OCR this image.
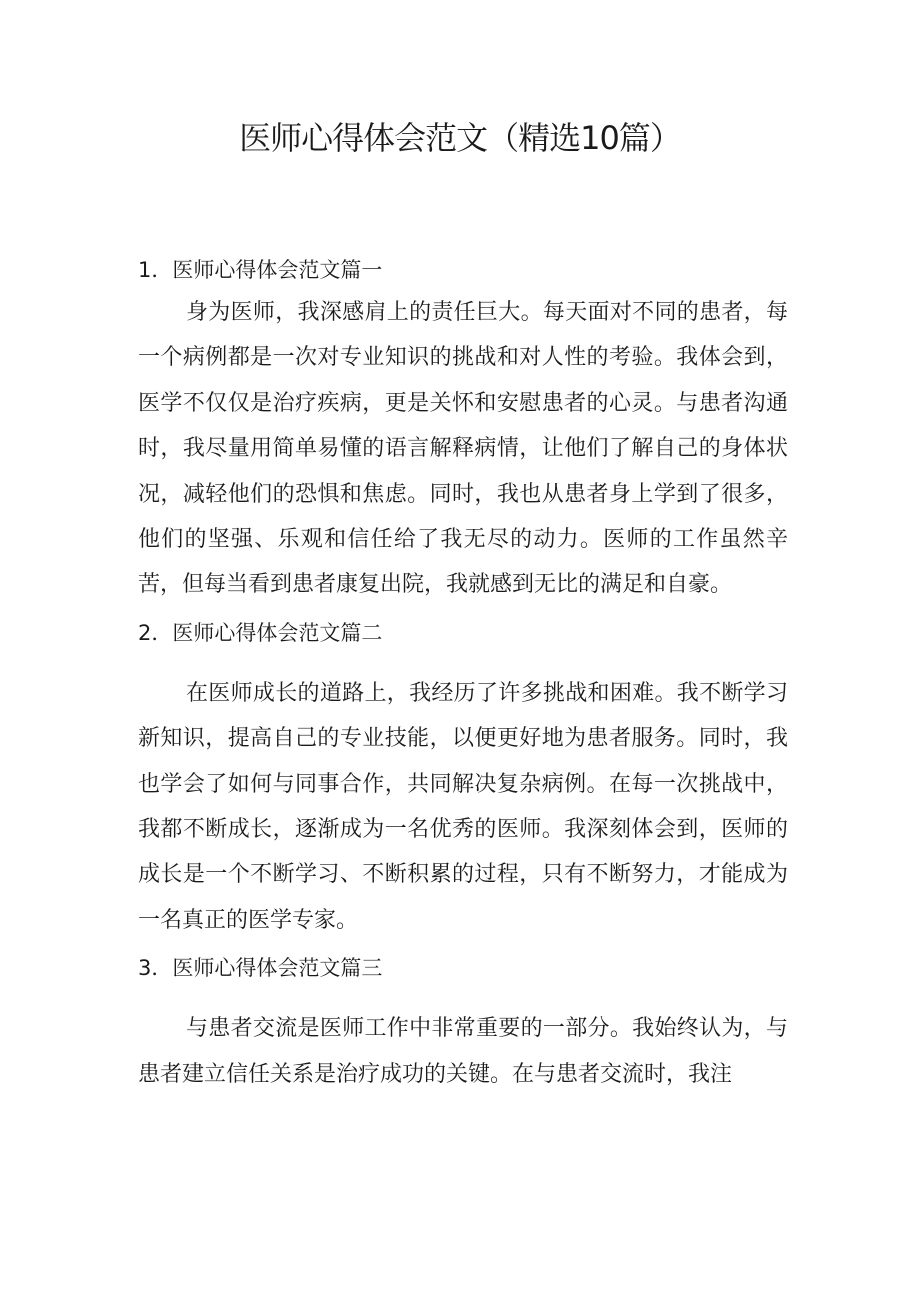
医师心得体会范文（精选10篇）
1．医师心得体会范文篇一

身为医师，我深感肩上的责任巨大。每天面对不同的患者，每一个病例都是一次对专业知识的挑战和对人性的考验。我体会到，医学不仅仅是治疗疾病，更是关怀和安慰患者的心灵。与患者沟通时，我尽量用简单易懂的语言解释病情，让他们了解自己的身体状况，减轻他们的恐惧和焦虑。同时，我也从患者身上学到了很多，他们的坚强、乐观和信任给了我无尽的动力。医师的工作虽然辛苦，但每当看到患者康复出院，我就感到无比的满足和自豪。

2．医师心得体会范文篇二

在医师成长的道路上，我经历了许多挑战和困难。我不断学习新知识，提高自己的专业技能，以便更好地为患者服务。同时，我也学会了如何与同事合作，共同解决复杂病例。在每一次挑战中，我都不断成长，逐渐成为一名优秀的医师。我深刻体会到，医师的成长是一个不断学习、不断积累的过程，只有不断努力，才能成为一名真正的医学专家。

3．医师心得体会范文篇三

与患者交流是医师工作中非常重要的一部分。我始终认为，与患者建立信任关系是治疗成功的关键。在与患者交流时，我注
